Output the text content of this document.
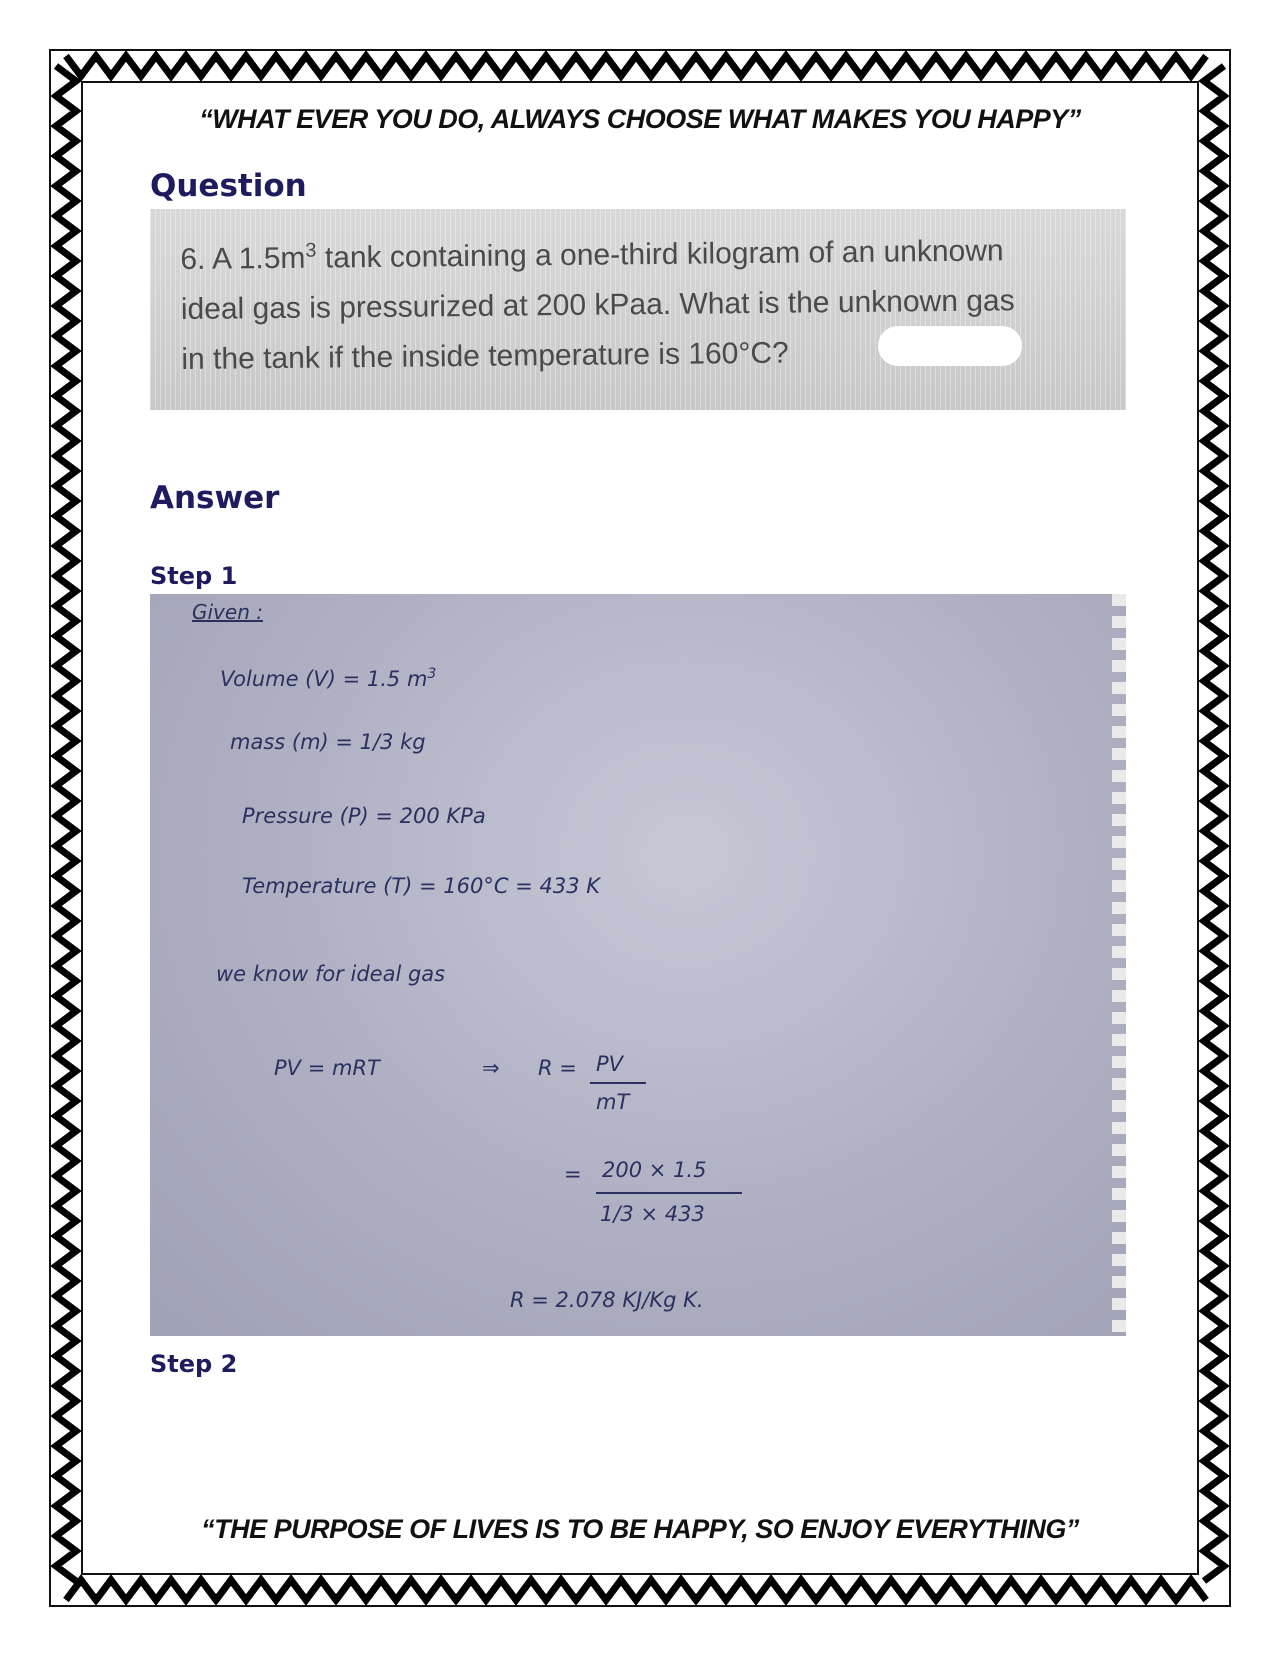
“WHAT EVER YOU DO, ALWAYS CHOOSE WHAT MAKES YOU HAPPY”
Question
6. A $1.5m^3$ tank containing a one-third kilogram of an unknown
ideal gas is pressurized at 200 kPaa. What is the unknown gas
in the tank if the inside temperature is 160°C?
Answer
Step 1
Given :
Volume (V) = 1.5 $m^3$
mass (m) = 1/3 kg
Pressure (P) = 200 KPa
Temperature (T) = 160°C = 433 K
we know for ideal gas
PV = mRT	⇒ R = PV
mT
= 200 × 1.5
1/3 × 433
R = 2.078 KJ/Kg K.
Step 2
“THE PURPOSE OF LIVES IS TO BE HAPPY, SO ENJOY EVERYTHING”
